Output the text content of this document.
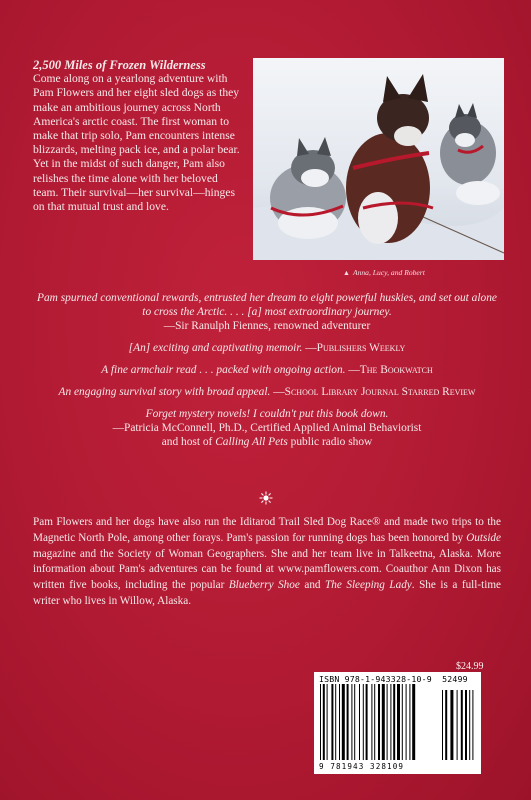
2,500 Miles of Frozen Wilderness

Come along on a yearlong adventure with Pam Flowers and her eight sled dogs as they make an ambitious journey across North America's arctic coast. The first woman to make that trip solo, Pam encounters intense blizzards, melting pack ice, and a polar bear. Yet in the midst of such danger, Pam also relishes the time alone with her beloved team. Their survival—her survival—hinges on that mutual trust and love.

▲ Anna, Lucy, and Robert

Pam spurned conventional rewards, entrusted her dream to eight powerful huskies, and set out alone to cross the Arctic. . . . [a] most extraordinary journey.
—Sir Ranulph Fiennes, renowned adventurer

[An] exciting and captivating memoir. —Publishers Weekly

A fine armchair read . . . packed with ongoing action. —The Bookwatch

An engaging survival story with broad appeal. —School Library Journal Starred Review

Forget mystery novels! I couldn't put this book down.
—Patricia McConnell, Ph.D., Certified Applied Animal Behaviorist
and host of Calling All Pets public radio show

Pam Flowers and her dogs have also run the Iditarod Trail Sled Dog Race® and made two trips to the Magnetic North Pole, among other forays. Pam's passion for running dogs has been honored by Outside magazine and the Society of Woman Geographers. She and her team live in Talkeetna, Alaska. More information about Pam's adventures can be found at www.pamflowers.com. Coauthor Ann Dixon has written five books, including the popular Blueberry Shoe and The Sleeping Lady. She is a full-time writer who lives in Willow, Alaska.

$24.99
ISBN 978-1-943328-10-9 52499
9 781943 328109
